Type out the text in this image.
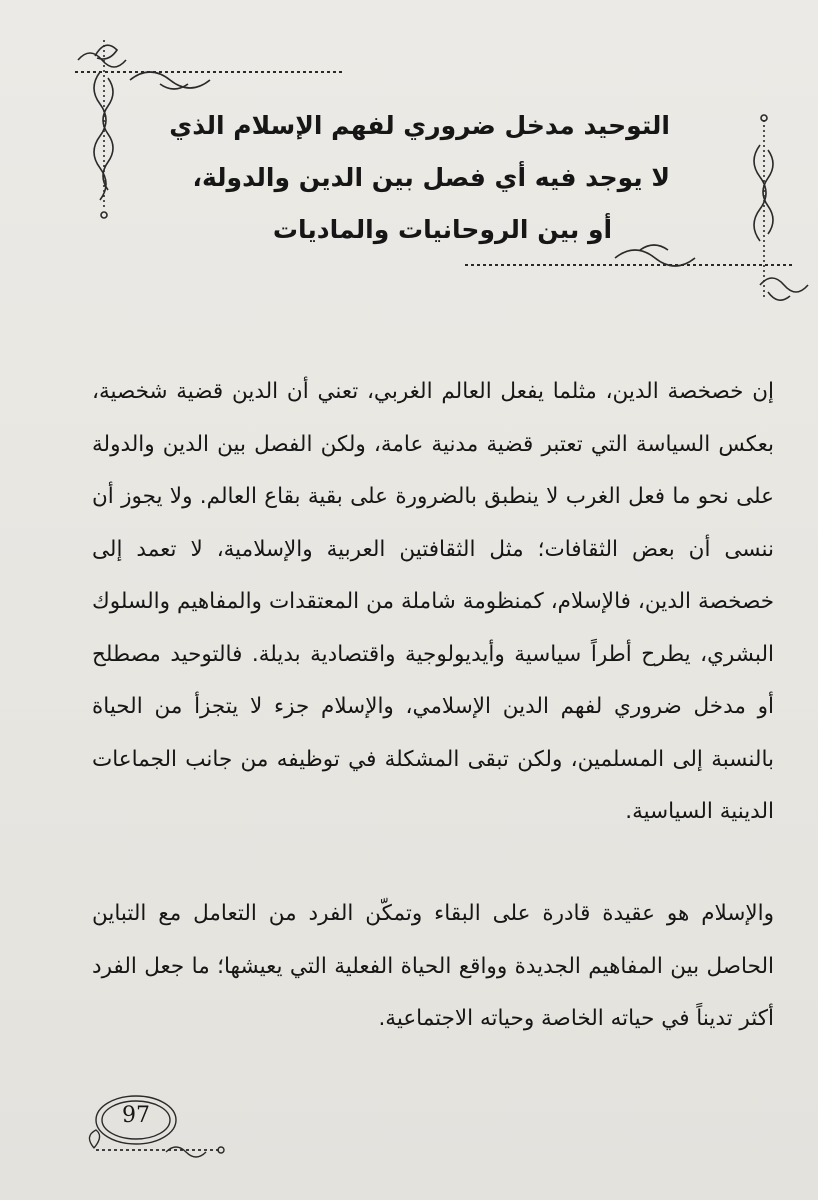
التوحيد مدخل ضروري لفهم الإسلام الذي
لا يوجد فيه أي فصل بين الدين والدولة،
أو بين الروحانيات والماديات

إن خصخصة الدين، مثلما يفعل العالم الغربي، تعني أن الدين قضية شخصية، بعكس السياسة التي تعتبر قضية مدنية عامة، ولكن الفصل بين الدين والدولة على نحو ما فعل الغرب لا ينطبق بالضرورة على بقية بقاع العالم. ولا يجوز أن ننسى أن بعض الثقافات؛ مثل الثقافتين العربية والإسلامية، لا تعمد إلى خصخصة الدين، فالإسلام، كمنظومة شاملة من المعتقدات والمفاهيم والسلوك البشري، يطرح أطراً سياسية وأيديولوجية واقتصادية بديلة. فالتوحيد مصطلح أو مدخل ضروري لفهم الدين الإسلامي، والإسلام جزء لا يتجزأ من الحياة بالنسبة إلى المسلمين، ولكن تبقى المشكلة في توظيفه من جانب الجماعات الدينية السياسية.

والإسلام هو عقيدة قادرة على البقاء وتمكّن الفرد من التعامل مع التباين الحاصل بين المفاهيم الجديدة وواقع الحياة الفعلية التي يعيشها؛ ما جعل الفرد أكثر تديناً في حياته الخاصة وحياته الاجتماعية.

97
